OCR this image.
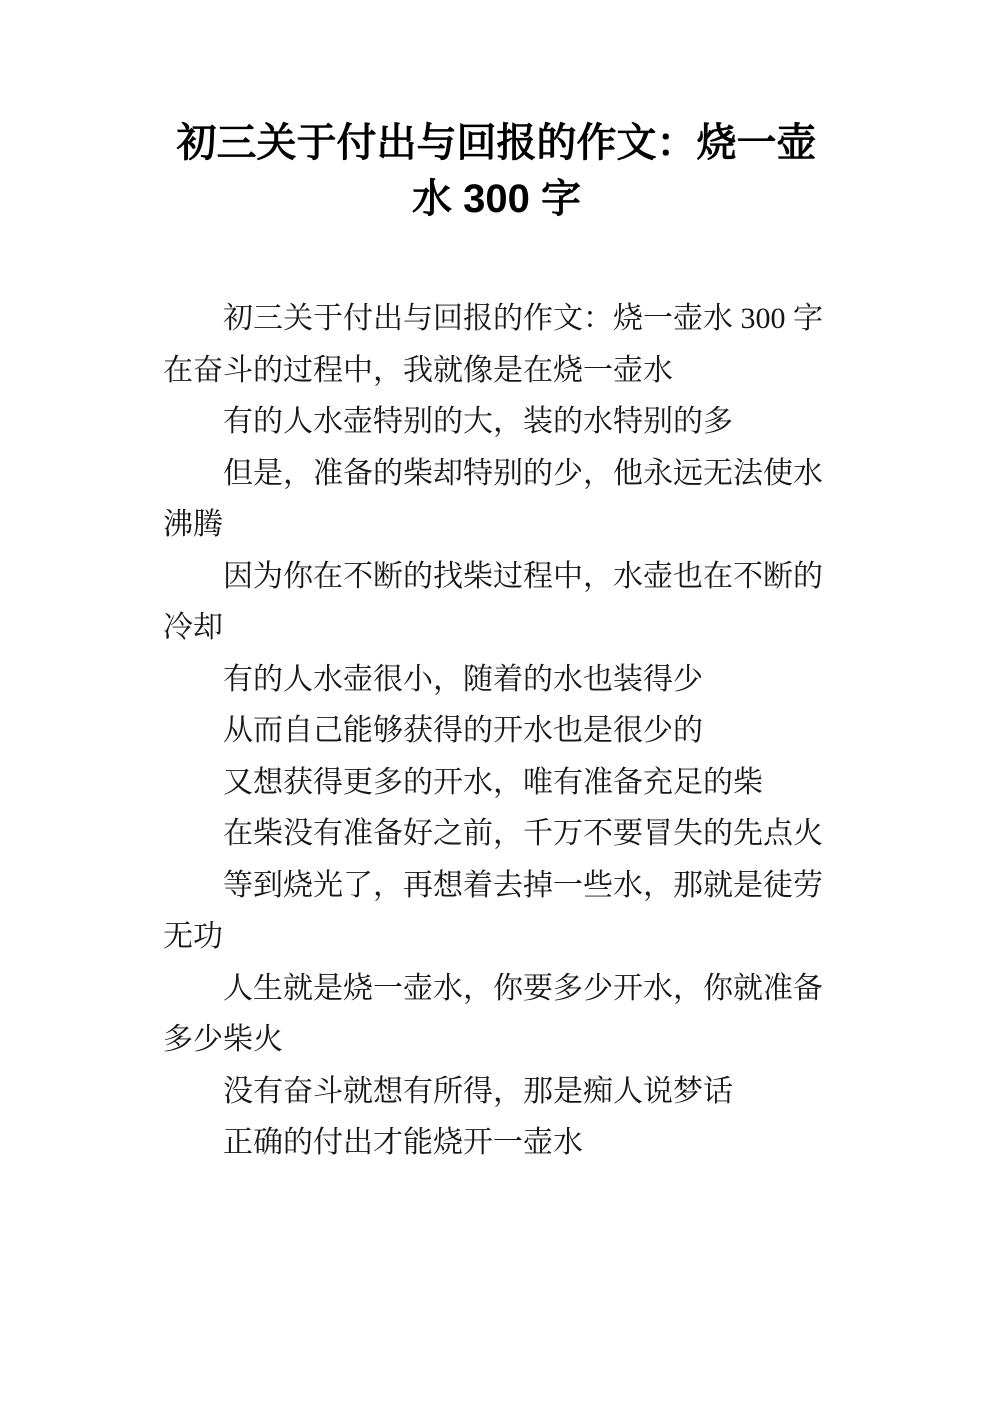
初三关于付出与回报的作文：烧一壶
水 300 字
初三关于付出与回报的作文：烧一壶水 300 字
在奋斗的过程中，我就像是在烧一壶水
有的人水壶特别的大，装的水特别的多
但是，准备的柴却特别的少，他永远无法使水
沸腾
因为你在不断的找柴过程中，水壶也在不断的
冷却
有的人水壶很小，随着的水也装得少
从而自己能够获得的开水也是很少的
又想获得更多的开水，唯有准备充足的柴
在柴没有准备好之前，千万不要冒失的先点火
等到烧光了，再想着去掉一些水，那就是徒劳
无功
人生就是烧一壶水，你要多少开水，你就准备
多少柴火
没有奋斗就想有所得，那是痴人说梦话
正确的付出才能烧开一壶水
